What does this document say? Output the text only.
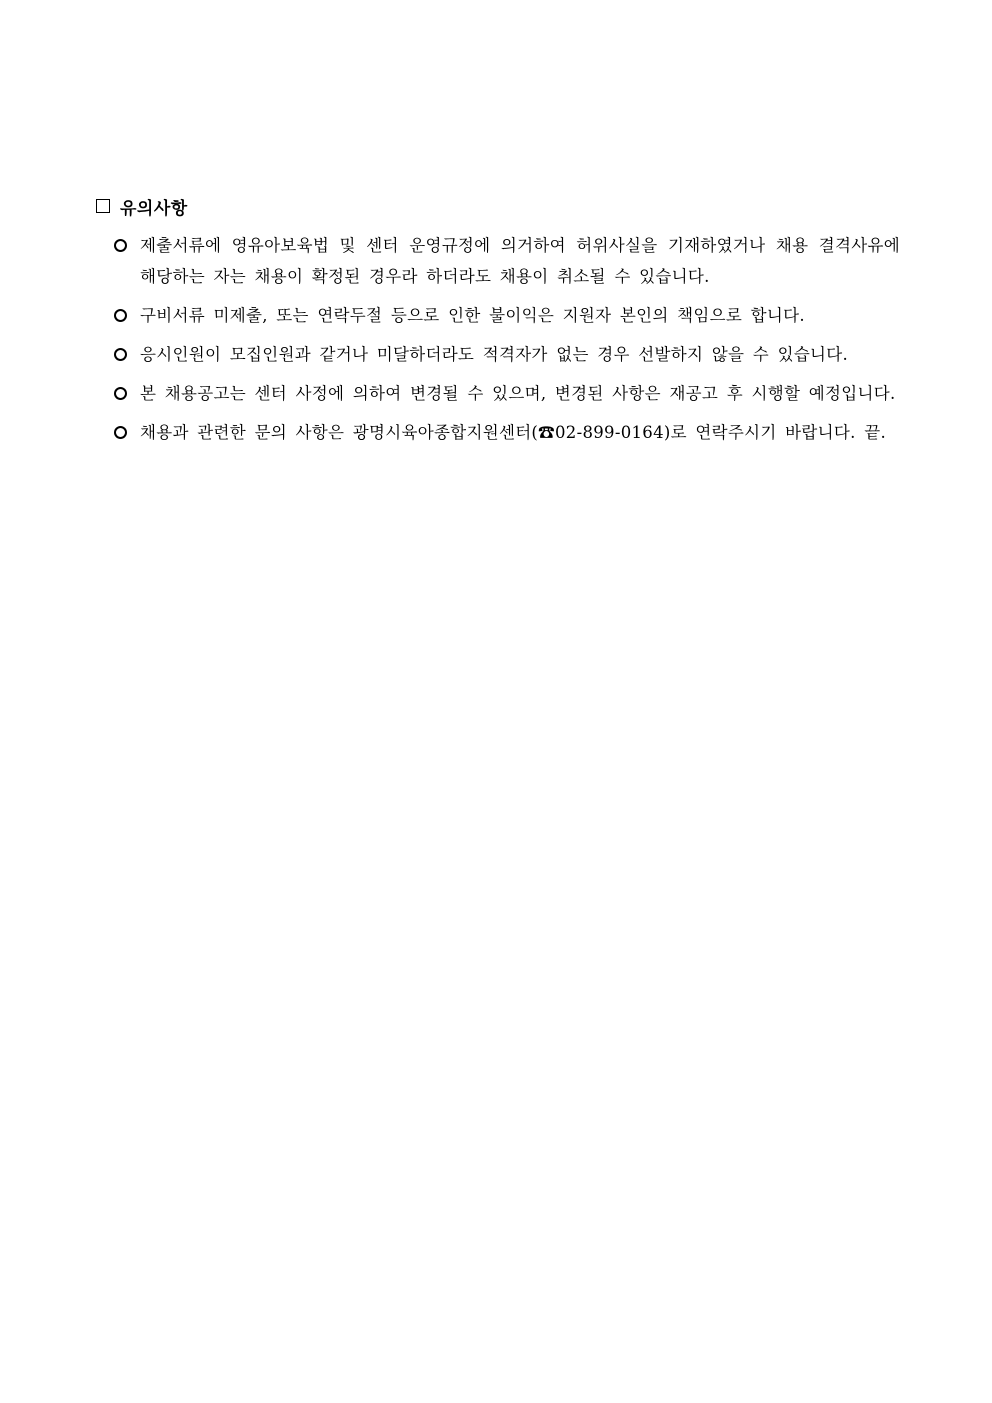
유의사항
제출서류에 영유아보육법 및 센터 운영규정에 의거하여 허위사실을 기재하였거나 채용 결격사유에 해당하는 자는 채용이 확정된 경우라 하더라도 채용이 취소될 수 있습니다.
구비서류 미제출, 또는 연락두절 등으로 인한 불이익은 지원자 본인의 책임으로 합니다.
응시인원이 모집인원과 같거나 미달하더라도 적격자가 없는 경우 선발하지 않을 수 있습니다.
본 채용공고는 센터 사정에 의하여 변경될 수 있으며, 변경된 사항은 재공고 후 시행할 예정입니다.
채용과 관련한 문의 사항은 광명시육아종합지원센터(☎02-899-0164)로 연락주시기 바랍니다. 끝.
